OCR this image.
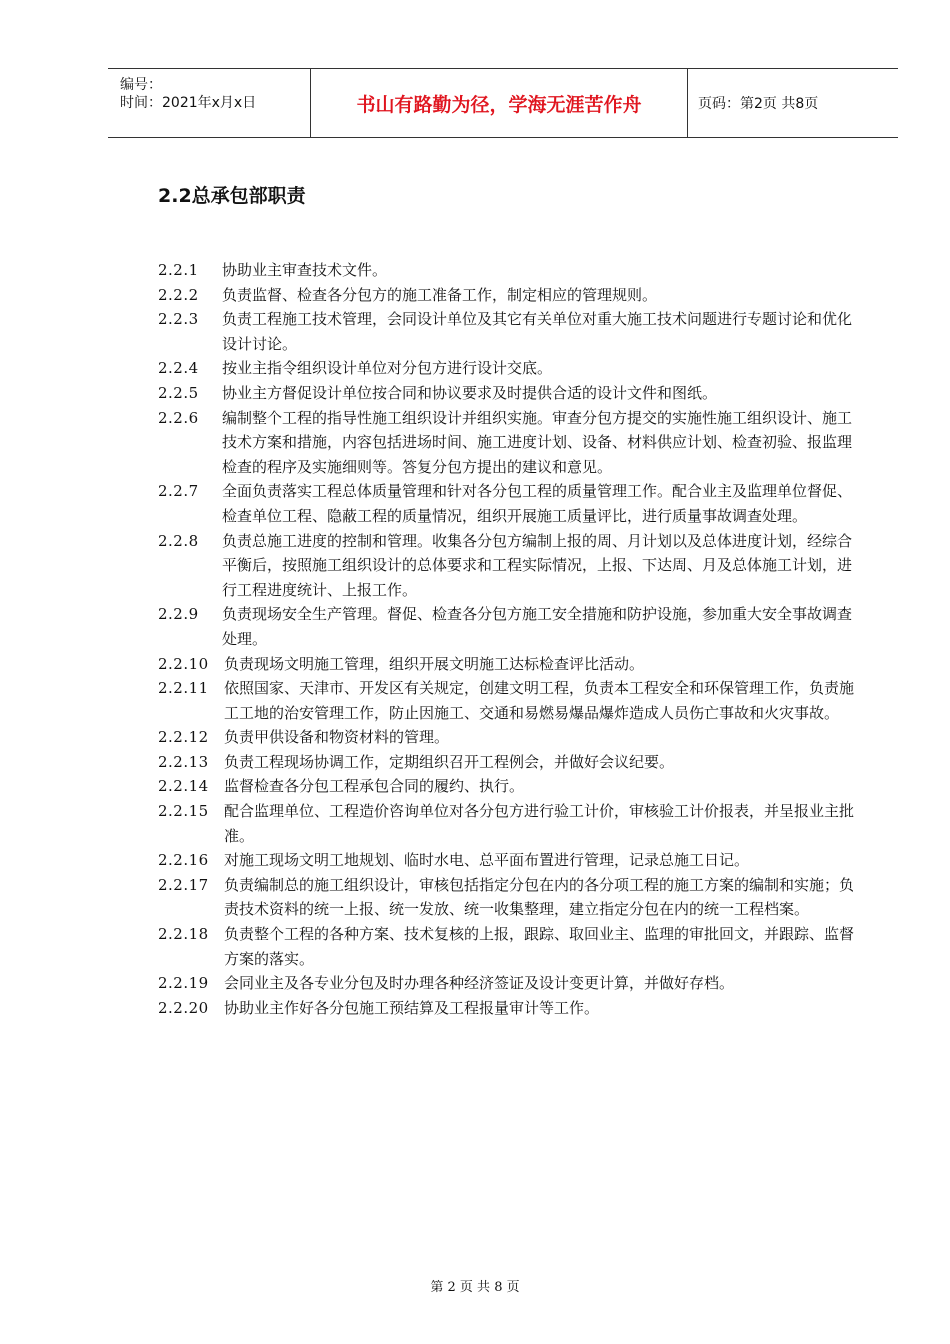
编号：
时间：2021年x月x日	书山有路勤为径，学海无涯苦作舟	页码：第2页 共8页
2.2总承包部职责
2.2.1 协助业主审查技术文件。
2.2.2 负责监督、检查各分包方的施工准备工作，制定相应的管理规则。
2.2.3 负责工程施工技术管理，会同设计单位及其它有关单位对重大施工技术问题进行专题讨论和优化设计讨论。
2.2.4 按业主指令组织设计单位对分包方进行设计交底。
2.2.5 协业主方督促设计单位按合同和协议要求及时提供合适的设计文件和图纸。
2.2.6 编制整个工程的指导性施工组织设计并组织实施。审查分包方提交的实施性施工组织设计、施工技术方案和措施，内容包括进场时间、施工进度计划、设备、材料供应计划、检查初验、报监理检查的程序及实施细则等。答复分包方提出的建议和意见。
2.2.7 全面负责落实工程总体质量管理和针对各分包工程的质量管理工作。配合业主及监理单位督促、检查单位工程、隐蔽工程的质量情况，组织开展施工质量评比，进行质量事故调查处理。
2.2.8 负责总施工进度的控制和管理。收集各分包方编制上报的周、月计划以及总体进度计划，经综合平衡后，按照施工组织设计的总体要求和工程实际情况，上报、下达周、月及总体施工计划，进行工程进度统计、上报工作。
2.2.9 负责现场安全生产管理。督促、检查各分包方施工安全措施和防护设施，参加重大安全事故调查处理。
2.2.10 负责现场文明施工管理，组织开展文明施工达标检查评比活动。
2.2.11 依照国家、天津市、开发区有关规定，创建文明工程，负责本工程安全和环保管理工作，负责施工工地的治安管理工作，防止因施工、交通和易燃易爆品爆炸造成人员伤亡事故和火灾事故。
2.2.12 负责甲供设备和物资材料的管理。
2.2.13 负责工程现场协调工作，定期组织召开工程例会，并做好会议纪要。
2.2.14 监督检查各分包工程承包合同的履约、执行。
2.2.15 配合监理单位、工程造价咨询单位对各分包方进行验工计价，审核验工计价报表，并呈报业主批准。
2.2.16 对施工现场文明工地规划、临时水电、总平面布置进行管理，记录总施工日记。
2.2.17 负责编制总的施工组织设计，审核包括指定分包在内的各分项工程的施工方案的编制和实施；负责技术资料的统一上报、统一发放、统一收集整理，建立指定分包在内的统一工程档案。
2.2.18 负责整个工程的各种方案、技术复核的上报，跟踪、取回业主、监理的审批回文，并跟踪、监督方案的落实。
2.2.19 会同业主及各专业分包及时办理各种经济签证及设计变更计算，并做好存档。
2.2.20 协助业主作好各分包施工预结算及工程报量审计等工作。
第 2 页 共 8 页
